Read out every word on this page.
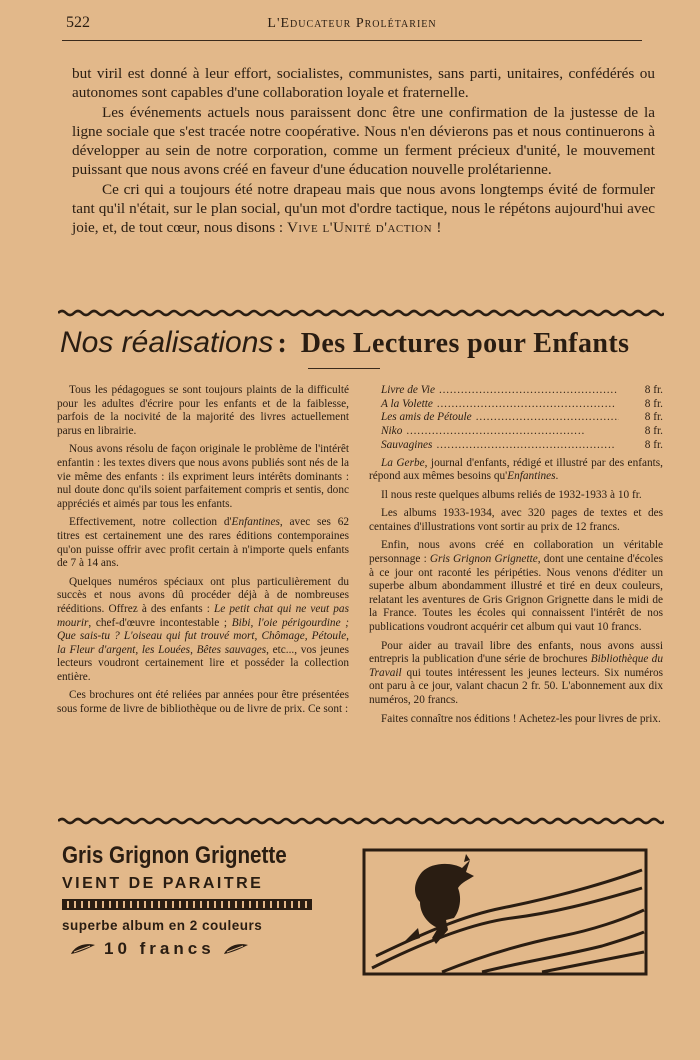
522	L'Educateur Prolétarien

but viril est donné à leur effort, socialistes, communistes, sans parti, unitaires, confédérés ou autonomes sont capables d'une collaboration loyale et fraternelle.

Les événements actuels nous paraissent donc être une confirmation de la justesse de la ligne sociale que s'est tracée notre coopérative. Nous n'en dévierons pas et nous continuerons à développer au sein de notre corporation, comme un ferment précieux d'unité, le mouvement puissant que nous avons créé en faveur d'une éducation nouvelle prolétarienne.

Ce cri qui a toujours été notre drapeau mais que nous avons longtemps évité de formuler tant qu'il n'était, sur le plan social, qu'un mot d'ordre tactique, nous le répétons aujourd'hui avec joie, et, de tout cœur, nous disons : Vive l'Unité d'action !

Nos réalisations : Des Lectures pour Enfants

Tous les pédagogues se sont toujours plaints de la difficulté pour les adultes d'écrire pour les enfants et de la faiblesse, parfois de la nocivité de la majorité des livres actuellement parus en librairie.

Nous avons résolu de façon originale le problème de l'intérêt enfantin : les textes divers que nous avons publiés sont nés de la vie même des enfants : ils expriment leurs intérêts dominants : nul doute donc qu'ils soient parfaitement compris et sentis, donc appréciés et aimés par tous les enfants.

Effectivement, notre collection d'Enfantines, avec ses 62 titres est certainement une des rares éditions contemporaines qu'on puisse offrir avec profit certain à n'importe quels enfants de 7 à 14 ans.

Quelques numéros spéciaux ont plus particulièrement du succès et nous avons dû procéder déjà à de nombreuses rééditions. Offrez à des enfants : Le petit chat qui ne veut pas mourir, chef-d'œuvre incontestable ; Bibi, l'oie périgourdine ; Que sais-tu ? L'oiseau qui fut trouvé mort, Chômage, Pétoule, la Fleur d'argent, les Louées, Bêtes sauvages, etc..., vos jeunes lecteurs voudront certainement lire et posséder la collection entière.

Ces brochures ont été reliées par années pour être présentées sous forme de livre de bibliothèque ou de livre de prix. Ce sont :

Livre de Vie . . .	8 fr.
A la Volette . . .	8 fr.
Les amis de Pétoule . . .	8 fr.
Niko . . .	8 fr.
Sauvagines . . .	8 fr.

La Gerbe, journal d'enfants, rédigé et illustré par des enfants, répond aux mêmes besoins qu'Enfantines.

Il nous reste quelques albums reliés de 1932-1933 à 10 fr.

Les albums 1933-1934, avec 320 pages de textes et des centaines d'illustrations vont sortir au prix de 12 francs.

Enfin, nous avons créé en collaboration un véritable personnage : Gris Grignon Grignette, dont une centaine d'écoles à ce jour ont raconté les péripéties. Nous venons d'éditer un superbe album abondamment illustré et tiré en deux couleurs, relatant les aventures de Gris Grignon Grignette dans le midi de la France. Toutes les écoles qui connaissent l'intérêt de nos publications voudront acquérir cet album qui vaut 10 francs.

Pour aider au travail libre des enfants, nous avons aussi entrepris la publication d'une série de brochures Bibliothèque du Travail qui toutes intéressent les jeunes lecteurs. Six numéros ont paru à ce jour, valant chacun 2 fr. 50. L'abonnement aux dix numéros, 20 francs.

Faites connaître nos éditions ! Achetez-les pour livres de prix.

Gris Grignon Grignette
VIENT DE PARAITRE
superbe album en 2 couleurs
10 francs
